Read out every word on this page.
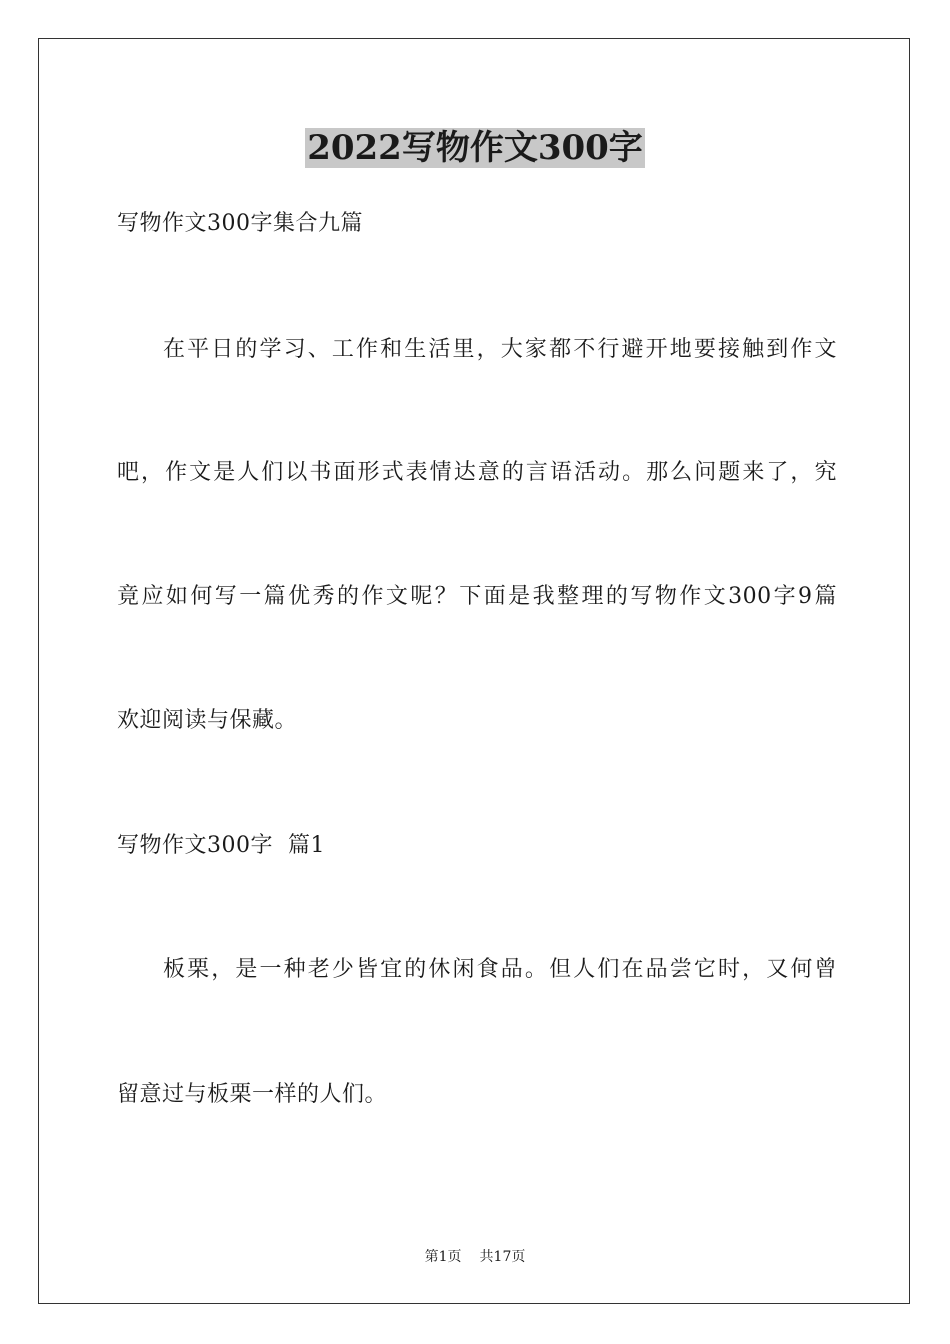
2022写物作文300字
写物作文300字集合九篇
在平日的学习、工作和生活里，大家都不行避开地要接触到作文
吧，作文是人们以书面形式表情达意的言语活动。那么问题来了，究
竟应如何写一篇优秀的作文呢？下面是我整理的写物作文300字9篇
欢迎阅读与保藏。
写物作文300字  篇1
板栗，是一种老少皆宜的休闲食品。但人们在品尝它时，又何曾
留意过与板栗一样的人们。
第1页 共17页
